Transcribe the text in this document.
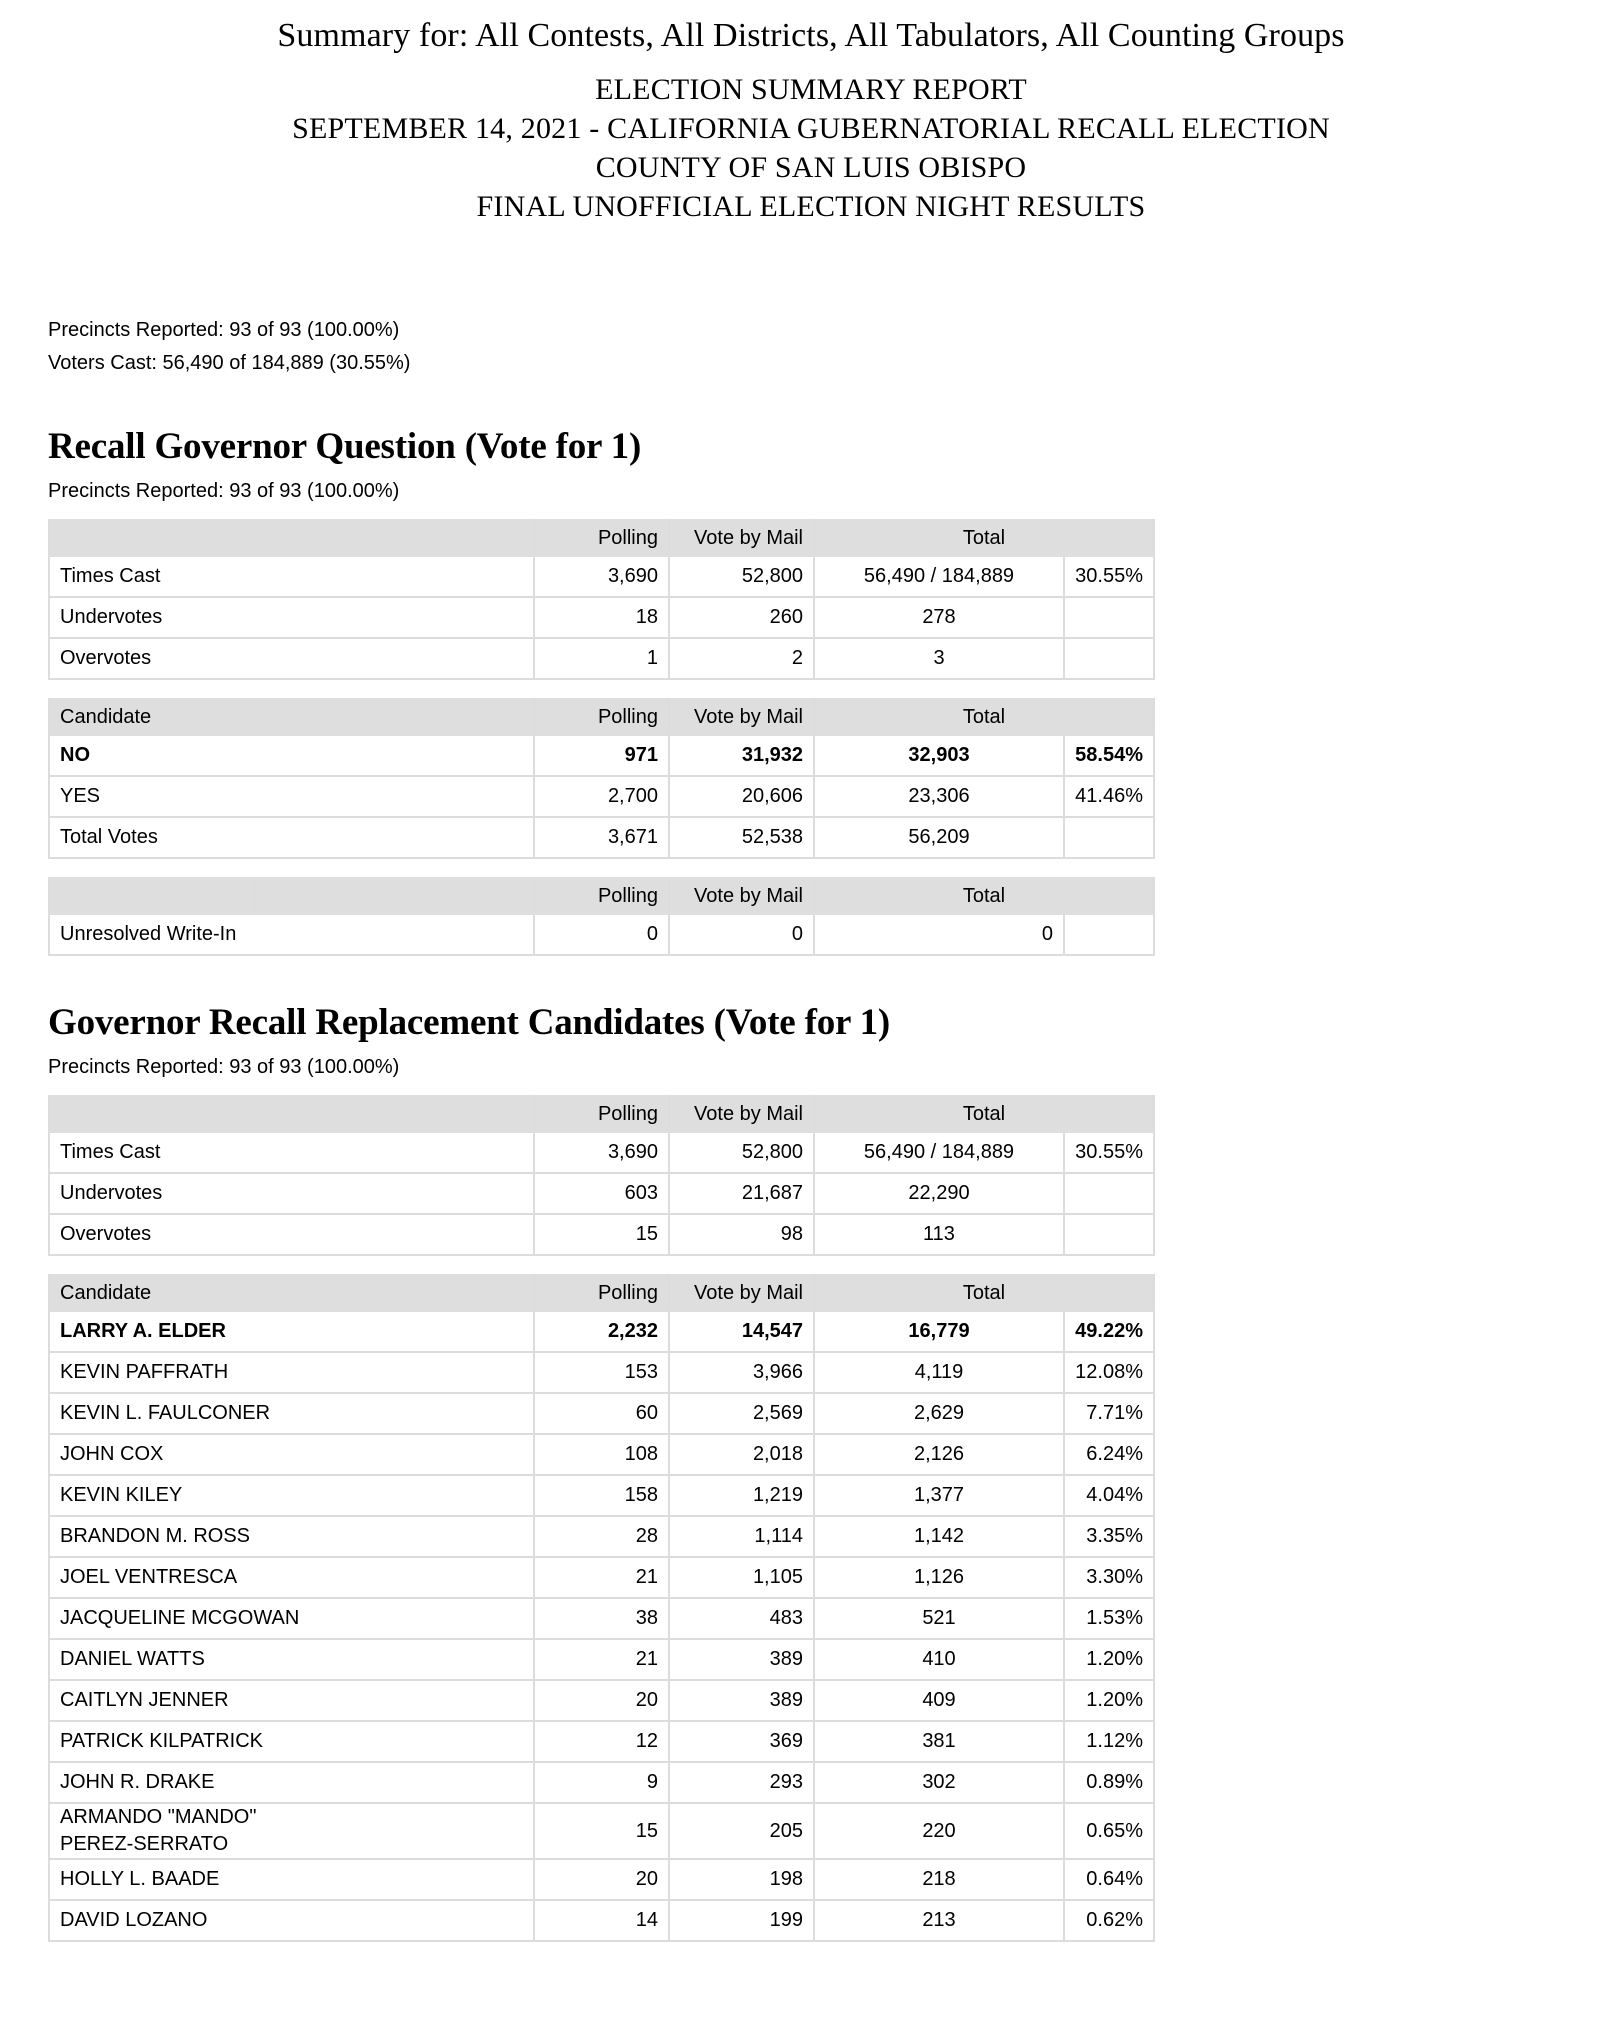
Summary for: All Contests, All Districts, All Tabulators, All Counting Groups
ELECTION SUMMARY REPORT
SEPTEMBER 14, 2021 - CALIFORNIA GUBERNATORIAL RECALL ELECTION
COUNTY OF SAN LUIS OBISPO
FINAL UNOFFICIAL ELECTION NIGHT RESULTS
Precincts Reported: 93 of 93 (100.00%)
Voters Cast: 56,490 of 184,889 (30.55%)
Recall Governor Question (Vote for 1)
Precincts Reported: 93 of 93 (100.00%)
	Polling	Vote by Mail	Total	
Times Cast	3,690	52,800	56,490 / 184,889	30.55%
Undervotes	18	260	278	
Overvotes	1	2	3	
Candidate	Polling	Vote by Mail	Total	
NO	971	31,932	32,903	58.54%
YES	2,700	20,606	23,306	41.46%
Total Votes	3,671	52,538	56,209	
		Polling	Vote by Mail	Total	
Unresolved Write-In		0	0	0	
Governor Recall Replacement Candidates (Vote for 1)
Precincts Reported: 93 of 93 (100.00%)
	Polling	Vote by Mail	Total	
Times Cast	3,690	52,800	56,490 / 184,889	30.55%
Undervotes	603	21,687	22,290	
Overvotes	15	98	113	
Candidate	Polling	Vote by Mail	Total	
LARRY A. ELDER	2,232	14,547	16,779	49.22%
KEVIN PAFFRATH	153	3,966	4,119	12.08%
KEVIN L. FAULCONER	60	2,569	2,629	7.71%
JOHN COX	108	2,018	2,126	6.24%
KEVIN KILEY	158	1,219	1,377	4.04%
BRANDON M. ROSS	28	1,114	1,142	3.35%
JOEL VENTRESCA	21	1,105	1,126	3.30%
JACQUELINE MCGOWAN	38	483	521	1.53%
DANIEL WATTS	21	389	410	1.20%
CAITLYN JENNER	20	389	409	1.20%
PATRICK KILPATRICK	12	369	381	1.12%
JOHN R. DRAKE	9	293	302	0.89%

ARMANDO "MANDO"
PEREZ-SERRATO	15	205	220	0.65%
HOLLY L. BAADE	20	198	218	0.64%
DAVID LOZANO	14	199	213	0.62%
